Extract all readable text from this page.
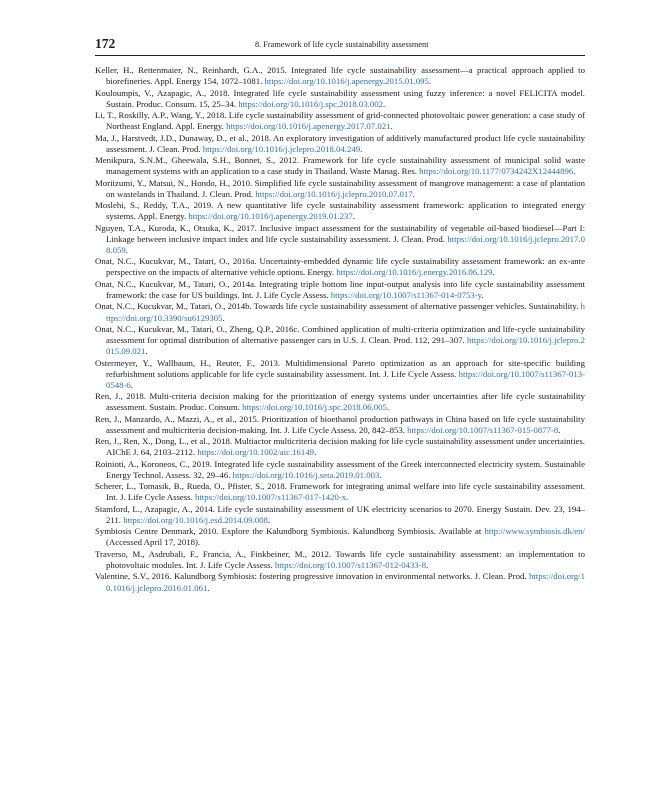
172	8. Framework of life cycle sustainability assessment

Keller, H., Rettenmaier, N., Reinhardt, G.A., 2015. Integrated life cycle sustainability assessment—a practical approach applied to biorefineries. Appl. Energy 154, 1072–1081. https://doi.org/10.1016/j.apenergy.2015.01.095.

Kouloumpis, V., Azapagic, A., 2018. Integrated life cycle sustainability assessment using fuzzy inference: a novel FELICITA model. Sustain. Produc. Consum. 15, 25–34. https://doi.org/10.1016/j.spc.2018.03.002.

Li, T., Roskilly, A.P., Wang, Y., 2018. Life cycle sustainability assessment of grid-connected photovoltaic power generation: a case study of Northeast England. Appl. Energy. https://doi.org/10.1016/j.apenergy.2017.07.021.

Ma, J., Harstvedt, J.D., Dunaway, D., et al., 2018. An exploratory investigation of additively manufactured product life cycle sustainability assessment. J. Clean. Prod. https://doi.org/10.1016/j.jclepro.2018.04.249.

Menikpura, S.N.M., Gheewala, S.H., Bonnet, S., 2012. Framework for life cycle sustainability assessment of municipal solid waste management systems with an application to a case study in Thailand. Waste Manag. Res. https://doi.org/10.1177/0734242X12444896.

Moriizumi, Y., Matsui, N., Hondo, H., 2010. Simplified life cycle sustainability assessment of mangrove management: a case of plantation on wastelands in Thailand. J. Clean. Prod. https://doi.org/10.1016/j.jclepro.2010.07.017.

Moslehi, S., Reddy, T.A., 2019. A new quantitative life cycle sustainability assessment framework: application to integrated energy systems. Appl. Energy. https://doi.org/10.1016/j.apenergy.2019.01.237.

Nguyen, T.A., Kuroda, K., Otsuka, K., 2017. Inclusive impact assessment for the sustainability of vegetable oil-based biodiesel—Part I: Linkage between inclusive impact index and life cycle sustainability assessment. J. Clean. Prod. https://doi.org/10.1016/j.jclepro.2017.08.059.

Onat, N.C., Kucukvar, M., Tatari, O., 2016a. Uncertainty-embedded dynamic life cycle sustainability assessment framework: an ex-ante perspective on the impacts of alternative vehicle options. Energy. https://doi.org/10.1016/j.energy.2016.06.129.

Onat, N.C., Kucukvar, M., Tatari, O., 2014a. Integrating triple bottom line input-output analysis into life cycle sustainability assessment framework: the case for US buildings. Int. J. Life Cycle Assess. https://doi.org/10.1007/s11367-014-0753-y.

Onat, N.C., Kucukvar, M., Tatari, O., 2014b. Towards life cycle sustainability assessment of alternative passenger vehicles. Sustainability. https://doi.org/10.3390/su6129305.

Onat, N.C., Kucukvar, M., Tatari, O., Zheng, Q.P., 2016c. Combined application of multi-criteria optimization and life-cycle sustainability assessment for optimal distribution of alternative passenger cars in U.S. J. Clean. Prod. 112, 291–307. https://doi.org/10.1016/j.jclepro.2015.09.021.

Ostermeyer, Y., Wallbaum, H., Reuter, F., 2013. Multidimensional Pareto optimization as an approach for site-specific building refurbishment solutions applicable for life cycle sustainability assessment. Int. J. Life Cycle Assess. https://doi.org/10.1007/s11367-013-0548-6.

Ren, J., 2018. Multi-criteria decision making for the prioritization of energy systems under uncertainties after life cycle sustainability assessment. Sustain. Produc. Consum. https://doi.org/10.1016/j.spc.2018.06.005.

Ren, J., Manzardo, A., Mazzi, A., et al., 2015. Prioritization of bioethanol production pathways in China based on life cycle sustainability assessment and multicriteria decision-making. Int. J. Life Cycle Assess. 20, 842–853. https://doi.org/10.1007/s11367-015-0877-8.

Ren, J., Ren, X., Dong, L., et al., 2018. Multiactor multicriteria decision making for life cycle sustainability assessment under uncertainties. AIChE J. 64, 2103–2112. https://doi.org/10.1002/aic.16149.

Roinioti, A., Koroneos, C., 2019. Integrated life cycle sustainability assessment of the Greek interconnected electricity system. Sustainable Energy Technol. Assess. 32, 29–46. https://doi.org/10.1016/j.seta.2019.01.003.

Scherer, L., Tomasik, B., Rueda, O., Pfister, S., 2018. Framework for integrating animal welfare into life cycle sustainability assessment. Int. J. Life Cycle Assess. https://doi.org/10.1007/s11367-017-1420-x.

Stamford, L., Azapagic, A., 2014. Life cycle sustainability assessment of UK electricity scenarios to 2070. Energy Sustain. Dev. 23, 194–211. https://doi.org/10.1016/j.esd.2014.09.008.

Symbiosis Centre Denmark, 2010. Explore the Kalundborg Symbiosis. Kalundborg Symbiosis. Available at http://www.symbiosis.dk/en/ (Accessed April 17, 2018).

Traverso, M., Asdrubali, F., Francia, A., Finkbeiner, M., 2012. Towards life cycle sustainability assessment: an implementation to photovoltaic modules. Int. J. Life Cycle Assess. https://doi.org/10.1007/s11367-012-0433-8.

Valentine, S.V., 2016. Kalundborg Symbiosis: fostering progressive innovation in environmental networks. J. Clean. Prod. https://doi.org/10.1016/j.jclepro.2016.01.061.
